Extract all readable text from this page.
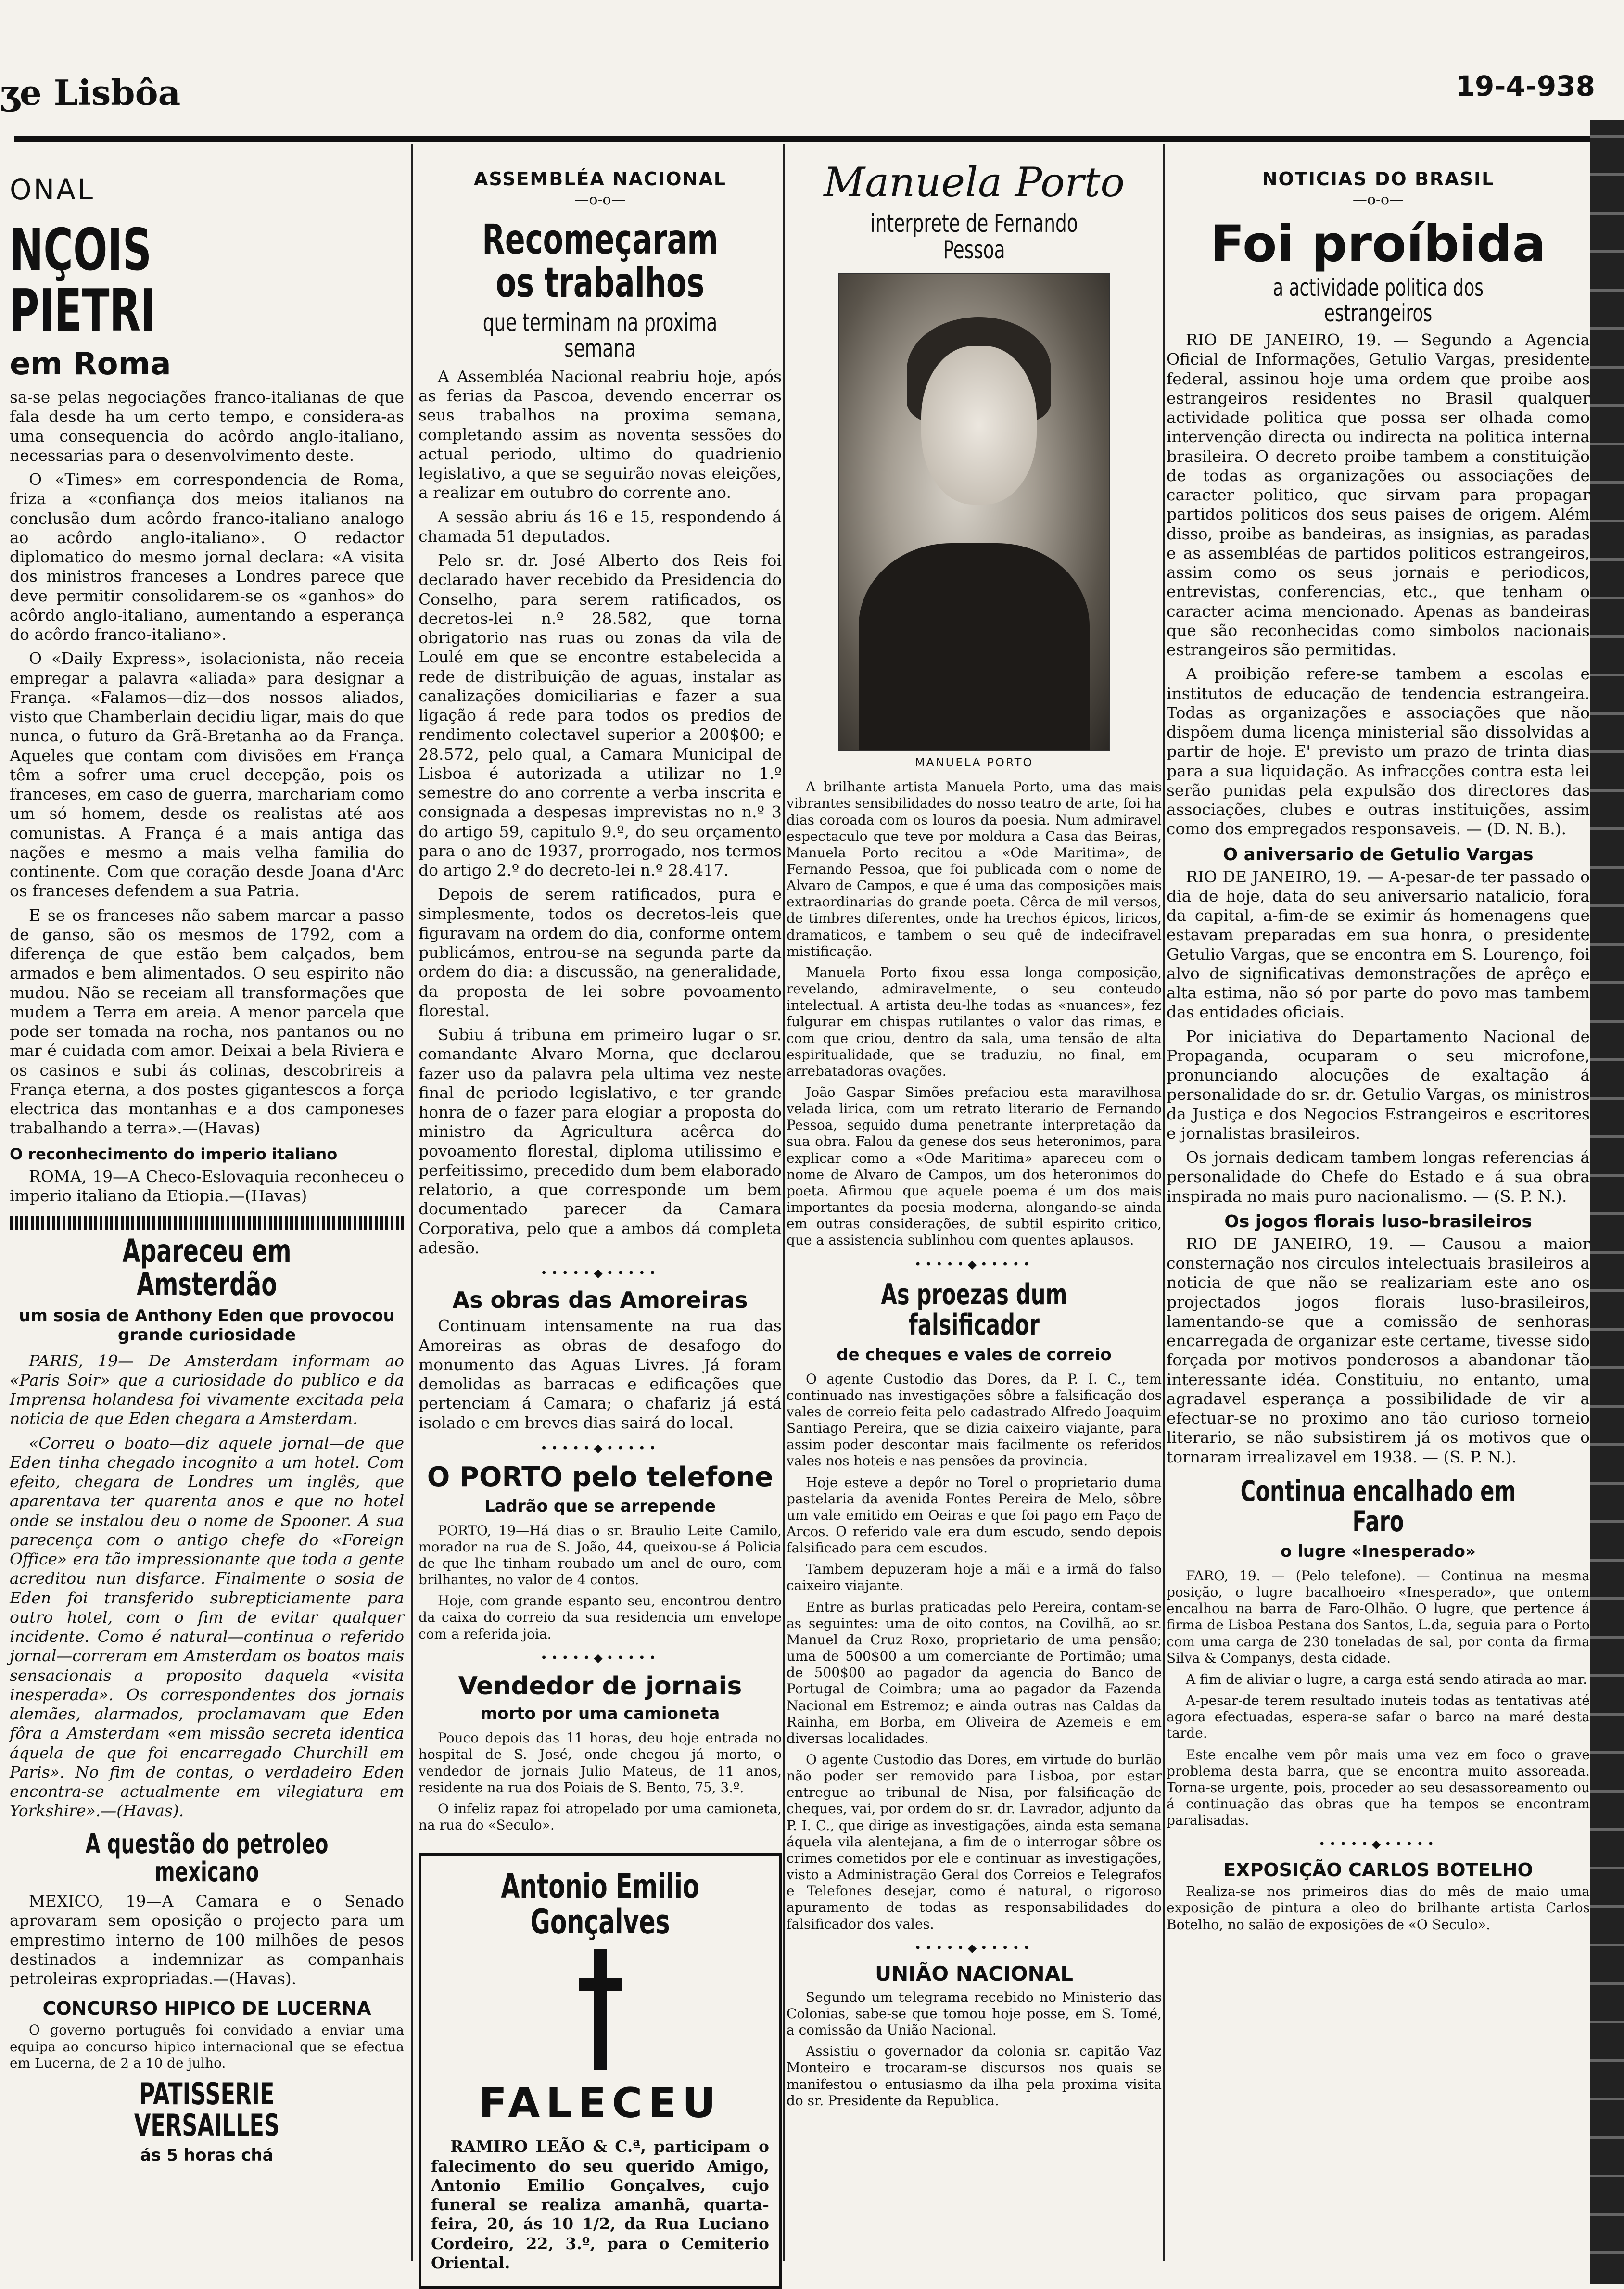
ʒe Lisbôa	19-4-938
ONAL
NÇOIS PIETRI
em Roma

sa-se pelas negociações franco-italianas de que fala desde ha um certo tempo, e considera-as uma consequencia do acôrdo anglo-italiano, necessarias para o desenvolvimento deste.

O «Times» em correspondencia de Roma, friza a «confiança dos meios italianos na conclusão dum acôrdo franco-italiano analogo ao acôrdo anglo-italiano». O redactor diplomatico do mesmo jornal declara: «A visita dos ministros franceses a Londres parece que deve permitir consolidarem-se os «ganhos» do acôrdo anglo-italiano, aumentando a esperança do acôrdo franco-italiano».

O «Daily Express», isolacionista, não receia empregar a palavra «aliada» para designar a França. «Falamos—diz—dos nossos aliados, visto que Chamberlain decidiu ligar, mais do que nunca, o futuro da Grã-Bretanha ao da França. Aqueles que contam com divisões em França têm a sofrer uma cruel decepção, pois os franceses, em caso de guerra, marchariam como um só homem, desde os realistas até aos comunistas. A França é a mais antiga das nações e mesmo a mais velha familia do continente. Com que coração desde Joana d'Arc os franceses defendem a sua Patria.

E se os franceses não sabem marcar a passo de ganso, são os mesmos de 1792, com a diferença de que estão bem calçados, bem armados e bem alimentados. O seu espirito não mudou. Não se receiam all transformações que mudem a Terra em areia. A menor parcela que pode ser tomada na rocha, nos pantanos ou no mar é cuidada com amor. Deixai a bela Riviera e os casinos e subi ás colinas, descobrireis a França eterna, a dos postes gigantescos a força electrica das montanhas e a dos camponeses trabalhando a terra».—(Havas)

O reconhecimento do imperio italiano

ROMA, 19—A Checo-Eslovaquia reconheceu o imperio italiano da Etiopia.—(Havas)

Apareceu em Amsterdão
um sosia de Anthony Eden que provocou grande curiosidade

PARIS, 19— De Amsterdam informam ao «Paris Soir» que a curiosidade do publico e da Imprensa holandesa foi vivamente excitada pela noticia de que Eden chegara a Amsterdam.

«Correu o boato—diz aquele jornal—de que Eden tinha chegado incognito a um hotel. Com efeito, chegara de Londres um inglês, que aparentava ter quarenta anos e que no hotel onde se instalou deu o nome de Spooner. A sua parecença com o antigo chefe do «Foreign Office» era tão impressionante que toda a gente acreditou nun disfarce. Finalmente o sosia de Eden foi transferido subrepticiamente para outro hotel, com o fim de evitar qualquer incidente. Como é natural—continua o referido jornal—correram em Amsterdam os boatos mais sensacionais a proposito daquela «visita inesperada». Os correspondentes dos jornais alemães, alarmados, proclamavam que Eden fôra a Amsterdam «em missão secreta identica áquela de que foi encarregado Churchill em Paris». No fim de contas, o verdadeiro Eden encontra-se actualmente em vilegiatura em Yorkshire».—(Havas).

A questão do petroleo mexicano

MEXICO, 19—A Camara e o Senado aprovaram sem oposição o projecto para um emprestimo interno de 100 milhões de pesos destinados a indemnizar as companhais petroleiras expropriadas.—(Havas).

CONCURSO HIPICO DE LUCERNA

O governo português foi convidado a enviar uma equipa ao concurso hipico internacional que se efectua em Lucerna, de 2 a 10 de julho.

PATISSERIE VERSAILLES
ás 5 horas chá
ASSEMBLÉA NACIONAL
—o-o—
Recomeçaram os trabalhos
que terminam na proxima semana

A Assembléa Nacional reabriu hoje, após as ferias da Pascoa, devendo encerrar os seus trabalhos na proxima semana, completando assim as noventa sessões do actual periodo, ultimo do quadrienio legislativo, a que se seguirão novas eleições, a realizar em outubro do corrente ano.

A sessão abriu ás 16 e 15, respondendo á chamada 51 deputados.

Pelo sr. dr. José Alberto dos Reis foi declarado haver recebido da Presidencia do Conselho, para serem ratificados, os decretos-lei n.º 28.582, que torna obrigatorio nas ruas ou zonas da vila de Loulé em que se encontre estabelecida a rede de distribuição de aguas, instalar as canalizações domiciliarias e fazer a sua ligação á rede para todos os predios de rendimento colectavel superior a 200$00; e 28.572, pelo qual, a Camara Municipal de Lisboa é autorizada a utilizar no 1.º semestre do ano corrente a verba inscrita e consignada a despesas imprevistas no n.º 3 do artigo 59, capitulo 9.º, do seu orçamento para o ano de 1937, prorrogado, nos termos do artigo 2.º do decreto-lei n.º 28.417.

Depois de serem ratificados, pura e simplesmente, todos os decretos-leis que figuravam na ordem do dia, conforme ontem publicámos, entrou-se na segunda parte da ordem do dia: a discussão, na generalidade, da proposta de lei sobre povoamento florestal.

Subiu á tribuna em primeiro lugar o sr. comandante Alvaro Morna, que declarou fazer uso da palavra pela ultima vez neste final de periodo legislativo, e ter grande honra de o fazer para elogiar a proposta do ministro da Agricultura acêrca do povoamento florestal, diploma utilissimo e perfeitissimo, precedido dum bem elaborado relatorio, a que corresponde um bem documentado parecer da Camara Corporativa, pelo que a ambos dá completa adesão.

•••••◆•••••
As obras das Amoreiras

Continuam intensamente na rua das Amoreiras as obras de desafogo do monumento das Aguas Livres. Já foram demolidas as barracas e edificações que pertenciam á Camara; o chafariz já está isolado e em breves dias sairá do local.

•••••◆•••••
O PORTO pelo telefone
Ladrão que se arrepende

PORTO, 19—Há dias o sr. Braulio Leite Camilo, morador na rua de S. João, 44, queixou-se á Policia de que lhe tinham roubado um anel de ouro, com brilhantes, no valor de 4 contos.

Hoje, com grande espanto seu, encontrou dentro da caixa do correio da sua residencia um envelope com a referida joia.

•••••◆•••••
Vendedor de jornais
morto por uma camioneta

Pouco depois das 11 horas, deu hoje entrada no hospital de S. José, onde chegou já morto, o vendedor de jornais Julio Mateus, de 11 anos, residente na rua dos Poiais de S. Bento, 75, 3.º.

O infeliz rapaz foi atropelado por uma camioneta, na rua do «Seculo».

Antonio Emilio Gonçalves
FALECEU

RAMIRO LEÃO & C.ª, participam o falecimento do seu querido Amigo, Antonio Emilio Gonçalves, cujo funeral se realiza amanhã, quarta-feira, 20, ás 10 1/2, da Rua Luciano Cordeiro, 22, 3.º, para o Cemiterio Oriental.

Manuela Porto
interprete de Fernando Pessoa
MANUELA PORTO

A brilhante artista Manuela Porto, uma das mais vibrantes sensibilidades do nosso teatro de arte, foi ha dias coroada com os louros da poesia. Num admiravel espectaculo que teve por moldura a Casa das Beiras, Manuela Porto recitou a «Ode Maritima», de Fernando Pessoa, que foi publicada com o nome de Alvaro de Campos, e que é uma das composições mais extraordinarias do grande poeta. Cêrca de mil versos, de timbres diferentes, onde ha trechos épicos, liricos, dramaticos, e tambem o seu quê de indecifravel mistificação.

Manuela Porto fixou essa longa composição, revelando, admiravelmente, o seu conteudo intelectual. A artista deu-lhe todas as «nuances», fez fulgurar em chispas rutilantes o valor das rimas, e com que criou, dentro da sala, uma tensão de alta espiritualidade, que se traduziu, no final, em arrebatadoras ovações.

João Gaspar Simões prefaciou esta maravilhosa velada lirica, com um retrato literario de Fernando Pessoa, seguido duma penetrante interpretação da sua obra. Falou da genese dos seus heteronimos, para explicar como a «Ode Maritima» apareceu com o nome de Alvaro de Campos, um dos heteronimos do poeta. Afirmou que aquele poema é um dos mais importantes da poesia moderna, alongando-se ainda em outras considerações, de subtil espirito critico, que a assistencia sublinhou com quentes aplausos.

•••••◆•••••
As proezas dum falsificador
de cheques e vales de correio

O agente Custodio das Dores, da P. I. C., tem continuado nas investigações sôbre a falsificação dos vales de correio feita pelo cadastrado Alfredo Joaquim Santiago Pereira, que se dizia caixeiro viajante, para assim poder descontar mais facilmente os referidos vales nos hoteis e nas pensões da provincia.

Hoje esteve a depôr no Torel o proprietario duma pastelaria da avenida Fontes Pereira de Melo, sôbre um vale emitido em Oeiras e que foi pago em Paço de Arcos. O referido vale era dum escudo, sendo depois falsificado para cem escudos.

Tambem depuzeram hoje a mãi e a irmã do falso caixeiro viajante.

Entre as burlas praticadas pelo Pereira, contam-se as seguintes: uma de oito contos, na Covilhã, ao sr. Manuel da Cruz Roxo, proprietario de uma pensão; uma de 500$00 a um comerciante de Portimão; uma de 500$00 ao pagador da agencia do Banco de Portugal de Coimbra; uma ao pagador da Fazenda Nacional em Estremoz; e ainda outras nas Caldas da Rainha, em Borba, em Oliveira de Azemeis e em diversas localidades.

O agente Custodio das Dores, em virtude do burlão não poder ser removido para Lisboa, por estar entregue ao tribunal de Nisa, por falsificação de cheques, vai, por ordem do sr. dr. Lavrador, adjunto da P. I. C., que dirige as investigações, ainda esta semana áquela vila alentejana, a fim de o interrogar sôbre os crimes cometidos por ele e continuar as investigações, visto a Administração Geral dos Correios e Telegrafos e Telefones desejar, como é natural, o rigoroso apuramento de todas as responsabilidades do falsificador dos vales.

•••••◆•••••
UNIÃO NACIONAL

Segundo um telegrama recebido no Ministerio das Colonias, sabe-se que tomou hoje posse, em S. Tomé, a comissão da União Nacional.

Assistiu o governador da colonia sr. capitão Vaz Monteiro e trocaram-se discursos nos quais se manifestou o entusiasmo da ilha pela proxima visita do sr. Presidente da Republica.

NOTICIAS DO BRASIL
—o-o—
Foi proíbida
a actividade politica dos estrangeiros

RIO DE JANEIRO, 19. — Segundo a Agencia Oficial de Informações, Getulio Vargas, presidente federal, assinou hoje uma ordem que proibe aos estrangeiros residentes no Brasil qualquer actividade politica que possa ser olhada como intervenção directa ou indirecta na politica interna brasileira. O decreto proibe tambem a constituição de todas as organizações ou associações de caracter politico, que sirvam para propagar partidos politicos dos seus paises de origem. Além disso, proibe as bandeiras, as insignias, as paradas e as assembléas de partidos politicos estrangeiros, assim como os seus jornais e periodicos, entrevistas, conferencias, etc., que tenham o caracter acima mencionado. Apenas as bandeiras que são reconhecidas como simbolos nacionais estrangeiros são permitidas.

A proibição refere-se tambem a escolas e institutos de educação de tendencia estrangeira. Todas as organizações e associações que não dispõem duma licença ministerial são dissolvidas a partir de hoje. E' previsto um prazo de trinta dias para a sua liquidação. As infracções contra esta lei serão punidas pela expulsão dos directores das associações, clubes e outras instituições, assim como dos empregados responsaveis. — (D. N. B.).

O aniversario de Getulio Vargas

RIO DE JANEIRO, 19. — A-pesar-de ter passado o dia de hoje, data do seu aniversario natalicio, fora da capital, a-fim-de se eximir ás homenagens que estavam preparadas em sua honra, o presidente Getulio Vargas, que se encontra em S. Lourenço, foi alvo de significativas demonstrações de aprêço e alta estima, não só por parte do povo mas tambem das entidades oficiais.

Por iniciativa do Departamento Nacional de Propaganda, ocuparam o seu microfone, pronunciando alocuções de exaltação á personalidade do sr. dr. Getulio Vargas, os ministros da Justiça e dos Negocios Estrangeiros e escritores e jornalistas brasileiros.

Os jornais dedicam tambem longas referencias á personalidade do Chefe do Estado e á sua obra inspirada no mais puro nacionalismo. — (S. P. N.).

Os jogos florais luso-brasileiros

RIO DE JANEIRO, 19. — Causou a maior consternação nos circulos intelectuais brasileiros a noticia de que não se realizariam este ano os projectados jogos florais luso-brasileiros, lamentando-se que a comissão de senhoras encarregada de organizar este certame, tivesse sido forçada por motivos ponderosos a abandonar tão interessante idéa. Constituiu, no entanto, uma agradavel esperança a possibilidade de vir a efectuar-se no proximo ano tão curioso torneio literario, se não subsistirem já os motivos que o tornaram irrealizavel em 1938. — (S. P. N.).

Continua encalhado em Faro
o lugre «Inesperado»

FARO, 19. — (Pelo telefone). — Continua na mesma posição, o lugre bacalhoeiro «Inesperado», que ontem encalhou na barra de Faro-Olhão. O lugre, que pertence á firma de Lisboa Pestana dos Santos, L.da, seguia para o Porto com uma carga de 230 toneladas de sal, por conta da firma Silva & Companys, desta cidade.

A fim de aliviar o lugre, a carga está sendo atirada ao mar.

A-pesar-de terem resultado inuteis todas as tentativas até agora efectuadas, espera-se safar o barco na maré desta tarde.

Este encalhe vem pôr mais uma vez em foco o grave problema desta barra, que se encontra muito assoreada. Torna-se urgente, pois, proceder ao seu desassoreamento ou á continuação das obras que ha tempos se encontram paralisadas.

•••••◆•••••
EXPOSIÇÃO CARLOS BOTELHO

Realiza-se nos primeiros dias do mês de maio uma exposição de pintura a oleo do brilhante artista Carlos Botelho, no salão de exposições de «O Seculo».
